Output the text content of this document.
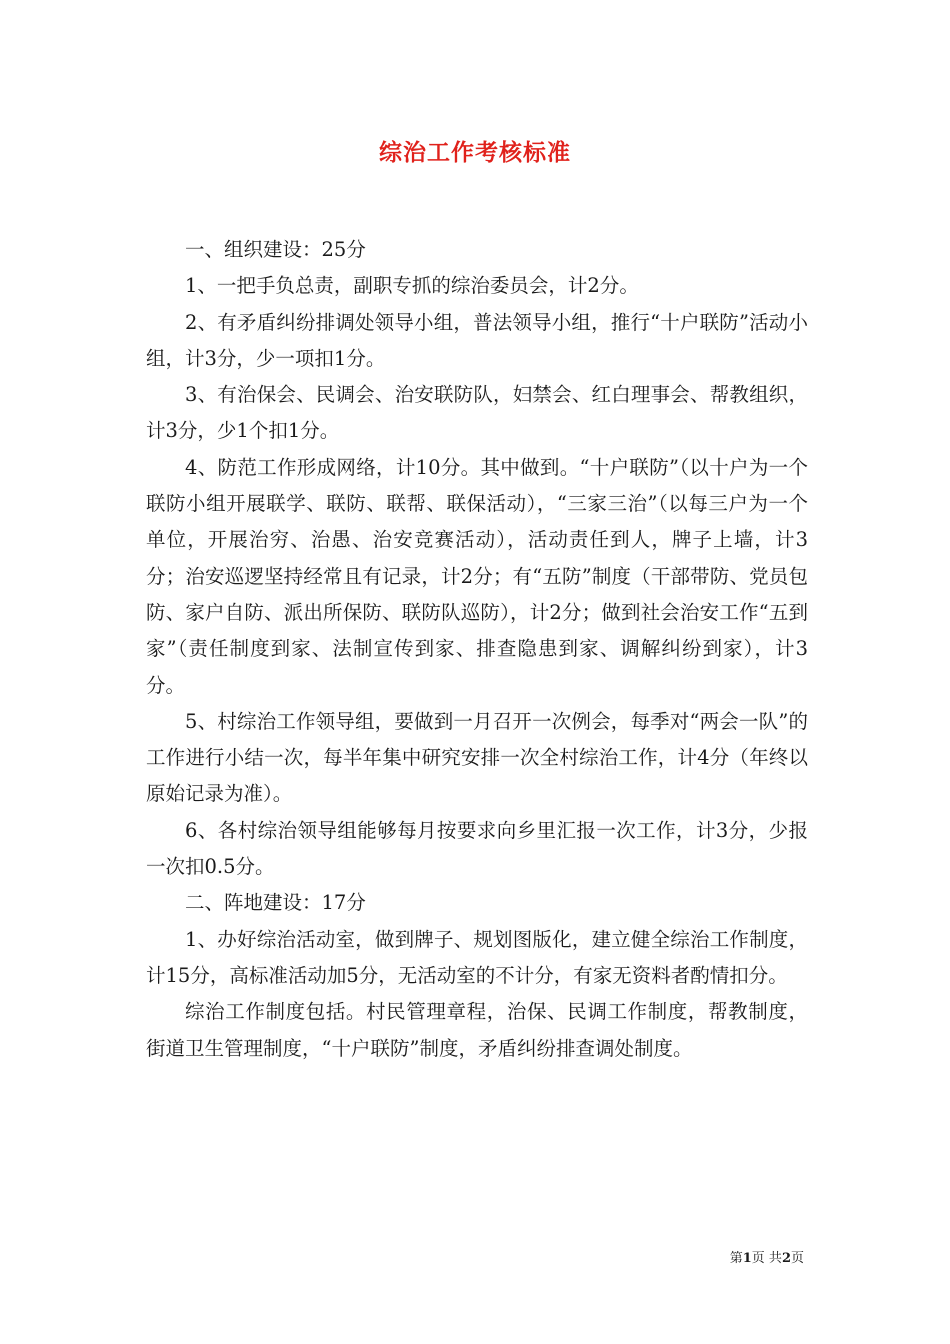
综治工作考核标准

一、组织建设：25分

1、一把手负总责，副职专抓的综治委员会，计2分。

2、有矛盾纠纷排调处领导小组，普法领导小组，推行“十户联防”活动小组，计3分，少一项扣1分。

3、有治保会、民调会、治安联防队，妇禁会、红白理事会、帮教组织，计3分，少1个扣1分。

4、防范工作形成网络，计10分。其中做到。“十户联防”（以十户为一个联防小组开展联学、联防、联帮、联保活动），“三家三治”（以每三户为一个单位，开展治穷、治愚、治安竞赛活动），活动责任到人，牌子上墙，计3分；治安巡逻坚持经常且有记录，计2分；有“五防”制度（干部带防、党员包防、家户自防、派出所保防、联防队巡防），计2分；做到社会治安工作“五到家”（责任制度到家、法制宣传到家、排查隐患到家、调解纠纷到家），计3分。

5、村综治工作领导组，要做到一月召开一次例会，每季对“两会一队”的工作进行小结一次，每半年集中研究安排一次全村综治工作，计4分（年终以原始记录为准）。

6、各村综治领导组能够每月按要求向乡里汇报一次工作，计3分，少报一次扣0.5分。

二、阵地建设：17分

1、办好综治活动室，做到牌子、规划图版化，建立健全综治工作制度，计15分，高标准活动加5分，无活动室的不计分，有家无资料者酌情扣分。

综治工作制度包括。村民管理章程，治保、民调工作制度，帮教制度，街道卫生管理制度，“十户联防”制度，矛盾纠纷排查调处制度。

第1页 共2页
